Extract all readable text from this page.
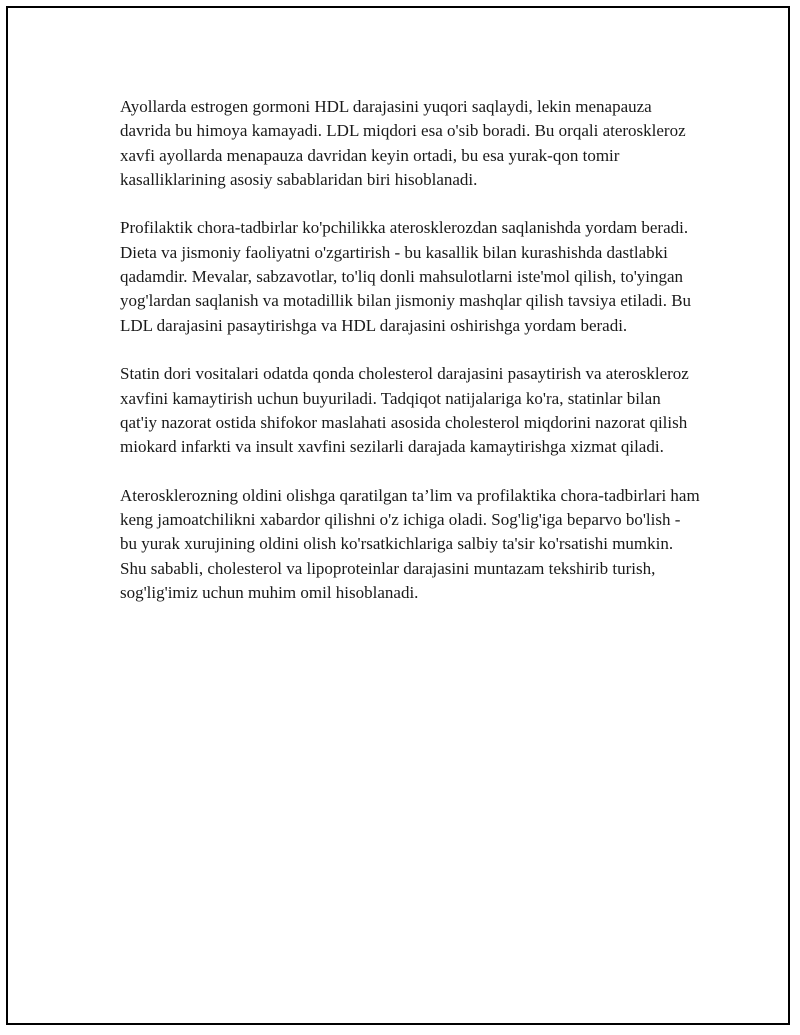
Ayollarda estrogen gormoni HDL darajasini yuqori saqlaydi, lekin menapauza davrida bu himoya kamayadi. LDL miqdori esa o'sib boradi. Bu orqali ateroskleroz xavfi ayollarda menapauza davridan keyin ortadi, bu esa yurak-qon tomir kasalliklarining asosiy sabablaridan biri hisoblanadi.

Profilaktik chora-tadbirlar ko'pchilikka aterosklerozdan saqlanishda yordam beradi. Dieta va jismoniy faoliyatni o'zgartirish - bu kasallik bilan kurashishda dastlabki qadamdir. Mevalar, sabzavotlar, to'liq donli mahsulotlarni iste'mol qilish, to'yingan yog'lardan saqlanish va motadillik bilan jismoniy mashqlar qilish tavsiya etiladi. Bu LDL darajasini pasaytirishga va HDL darajasini oshirishga yordam beradi.

Statin dori vositalari odatda qonda cholesterol darajasini pasaytirish va ateroskleroz xavfini kamaytirish uchun buyuriladi. Tadqiqot natijalariga ko'ra, statinlar bilan qat'iy nazorat ostida shifokor maslahati asosida cholesterol miqdorini nazorat qilish miokard infarkti va insult xavfini sezilarli darajada kamaytirishga xizmat qiladi.

Aterosklerozning oldini olishga qaratilgan ta’lim va profilaktika chora-tadbirlari ham keng jamoatchilikni xabardor qilishni o'z ichiga oladi. Sog'lig'iga beparvo bo'lish - bu yurak xurujining oldini olish ko'rsatkichlariga salbiy ta'sir ko'rsatishi mumkin. Shu sababli, cholesterol va lipoproteinlar darajasini muntazam tekshirib turish, sog'lig'imiz uchun muhim omil hisoblanadi.
